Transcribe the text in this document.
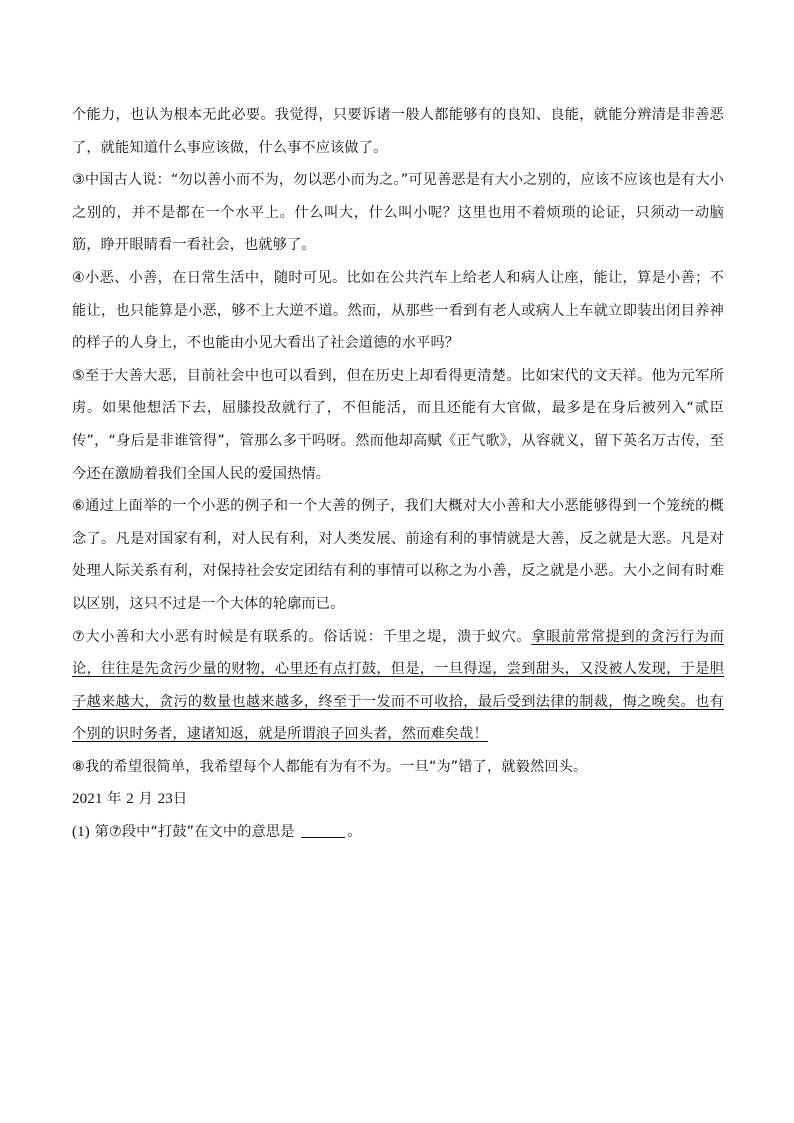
个能力，也认为根本无此必要。我觉得，只要诉诸一般人都能够有的良知、良能，就能分辨清是非善恶了，就能知道什么事应该做，什么事不应该做了。

③中国古人说：“勿以善小而不为，勿以恶小而为之。”可见善恶是有大小之别的，应该不应该也是有大小之别的，并不是都在一个水平上。什么叫大，什么叫小呢？这里也用不着烦琐的论证，只须动一动脑筋，睁开眼睛看一看社会，也就够了。

④小恶、小善，在日常生活中，随时可见。比如在公共汽车上给老人和病人让座，能让，算是小善；不能让，也只能算是小恶，够不上大逆不道。然而，从那些一看到有老人或病人上车就立即装出闭目养神的样子的人身上，不也能由小见大看出了社会道德的水平吗？

⑤至于大善大恶，目前社会中也可以看到，但在历史上却看得更清楚。比如宋代的文天祥。他为元军所虏。如果他想活下去，屈膝投敌就行了，不但能活，而且还能有大官做，最多是在身后被列入“贰臣传”，“身后是非谁管得”，管那么多干吗呀。然而他却高赋《正气歌》，从容就义，留下英名万古传，至今还在激励着我们全国人民的爱国热情。

⑥通过上面举的一个小恶的例子和一个大善的例子，我们大概对大小善和大小恶能够得到一个笼统的概念了。凡是对国家有利，对人民有利，对人类发展、前途有利的事情就是大善，反之就是大恶。凡是对处理人际关系有利，对保持社会安定团结有利的事情可以称之为小善，反之就是小恶。大小之间有时难以区别，这只不过是一个大体的轮廓而已。

⑦大小善和大小恶有时候是有联系的。俗话说：千里之堤，溃于蚁穴。拿眼前常常提到的贪污行为而论，往往是先贪污少量的财物，心里还有点打鼓，但是，一旦得逞，尝到甜头，又没被人发现，于是胆子越来越大，贪污的数量也越来越多，终至于一发而不可收拾，最后受到法律的制裁，悔之晚矣。也有个别的识时务者，逮诸知返，就是所谓浪子回头者，然而难矣哉！

⑧我的希望很简单，我希望每个人都能有为有不为。一旦“为”错了，就毅然回头。

2021 年 2 月 23日

(1) 第⑦段中“打鼓”在文中的意思是	。
